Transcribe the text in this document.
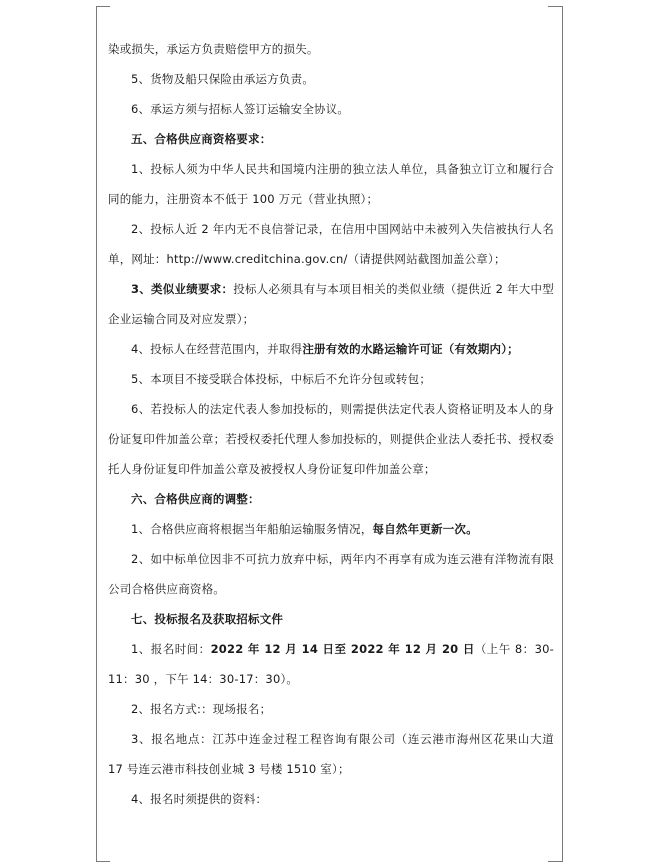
染或损失，承运方负责赔偿甲方的损失。

5、货物及船只保险由承运方负责。

6、承运方须与招标人签订运输安全协议。

五、合格供应商资格要求：

1、投标人须为中华人民共和国境内注册的独立法人单位，具备独立订立和履行合同的能力，注册资本不低于 100 万元（营业执照）；

2、投标人近 2 年内无不良信誉记录，在信用中国网站中未被列入失信被执行人名单，网址：http://www.creditchina.gov.cn/（请提供网站截图加盖公章）；

3、类似业绩要求：投标人必须具有与本项目相关的类似业绩（提供近 2 年大中型企业运输合同及对应发票）；

4、投标人在经营范围内，并取得注册有效的水路运输许可证（有效期内）；

5、本项目不接受联合体投标，中标后不允许分包或转包；

6、若投标人的法定代表人参加投标的，则需提供法定代表人资格证明及本人的身份证复印件加盖公章；若授权委托代理人参加投标的，则提供企业法人委托书、授权委托人身份证复印件加盖公章及被授权人身份证复印件加盖公章；

六、合格供应商的调整：

1、合格供应商将根据当年船舶运输服务情况，每自然年更新一次。

2、如中标单位因非不可抗力放弃中标，两年内不再享有成为连云港有洋物流有限公司合格供应商资格。

七、投标报名及获取招标文件

1、报名时间：2022 年 12 月 14 日至 2022 年 12 月 20 日（上午 8：30-11：30 ，下午 14：30-17：30）。

2、报名方式:：现场报名；

3、报名地点：江苏中连金过程工程咨询有限公司（连云港市海州区花果山大道 17 号连云港市科技创业城 3 号楼 1510 室）；

4、报名时须提供的资料：
